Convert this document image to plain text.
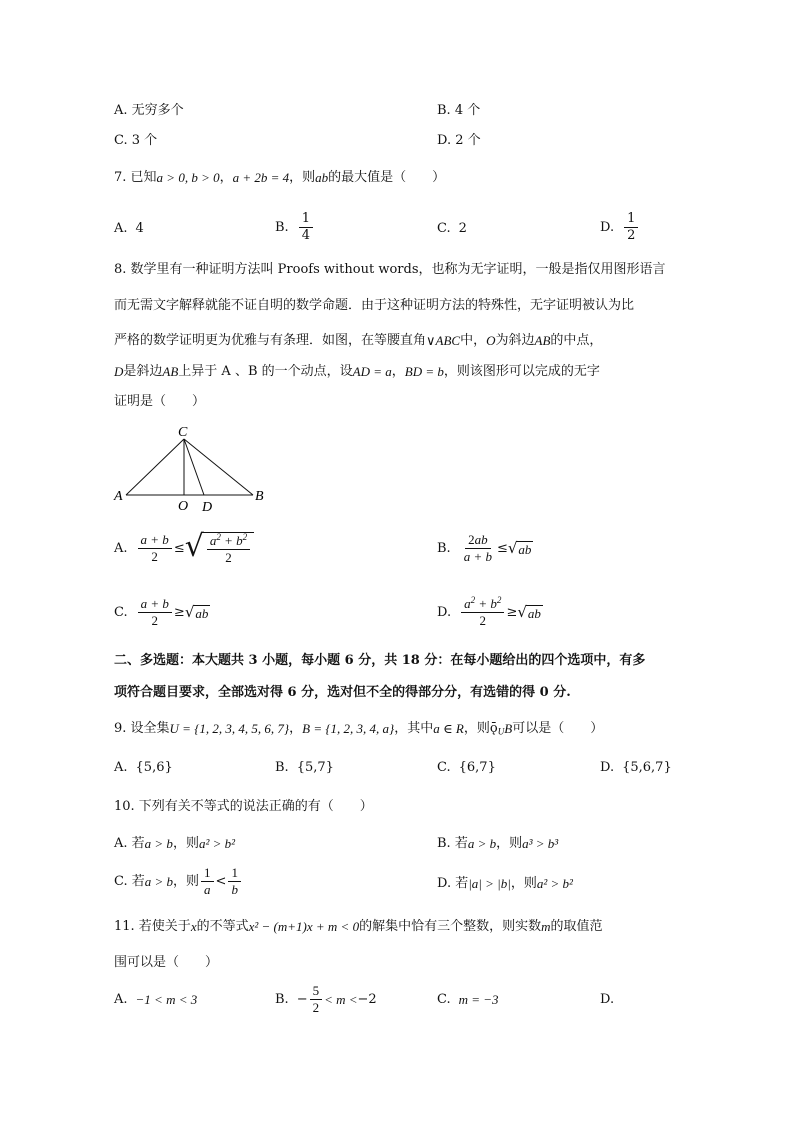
A. 无穷多个	B. 4 个
C. 3 个	D. 2 个
7. 已知 a > 0, b > 0 ， a + 2b = 4 ，则 ab 的最大值是（　　）
A. 4	B. $\frac{1}{4}$	C. 2	D. $\frac{1}{2}$
8. 数学里有一种证明方法叫 Proofs without words，也称为无字证明，一般是指仅用图形语言
而无需文字解释就能不证自明的数学命题．由于这种证明方法的特殊性，无字证明被认为比
严格的数学证明更为优雅与有条理．如图，在等腰直角 ∨ABC 中， O 为斜边 AB 的中点，
D 是斜边 AB 上异于 A 、B 的一个动点，设 AD = a ， BD = b ，则该图形可以完成的无字
证明是（　　）
C
A	B
O D
A. $\frac{a + b}{2}$ ≤ √ $\frac{a^2 + b^2}{2}$	B. $\frac{2ab}{a + b}$ ≤ √ ab
C. $\frac{a + b}{2}$ ≥ √ ab	D. $\frac{a^2 + b^2}{2}$ ≥ √ ab
二、多选题：本大题共 3 小题，每小题 6 分，共 18 分：在每小题给出的四个选项中，有多
项符合题目要求，全部选对得 6 分，选对但不全的得部分分，有选错的得 0 分.
9. 设全集 U = {1, 2, 3, 4, 5, 6, 7} ， B = {1, 2, 3, 4, a} ，其中 a ∈ R ，则 $ǭ_U$ B 可以是（　　）
A. {5,6}	B. {5,7}	C. {6,7}	D. {5,6,7}
10. 下列有关不等式的说法正确的有（　　）
A. 若 a > b ，则 a² > b²	B. 若 a > b ，则 a³ > b³
C. 若 a > b ，则 $\frac{1}{a} < \frac{1}{b}$	D. 若 |a| > |b| ，则 a² > b²
11. 若使关于 x 的不等式 x² − (m+1)x + m < 0 的解集中恰有三个整数，则实数 m 的取值范
围可以是（　　）
A. −1 < m < 3	B. − $\frac{5}{2} < m < -2$	C. m = −3	D.
